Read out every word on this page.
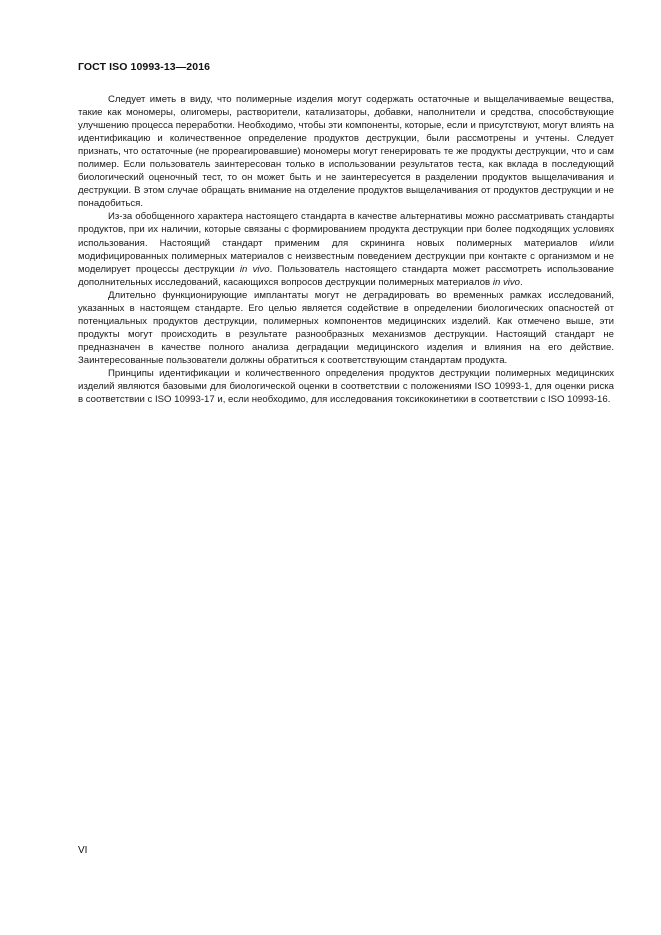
ГОСТ ISO 10993-13—2016

Следует иметь в виду, что полимерные изделия могут содержать остаточные и выщелачиваемые вещества, такие как мономеры, олигомеры, растворители, катализаторы, добавки, наполнители и средства, способствующие улучшению процесса переработки. Необходимо, чтобы эти компоненты, которые, если и присутствуют, могут влиять на идентификацию и количественное определение продуктов деструкции, были рассмотрены и учтены. Следует признать, что остаточные (не прореагировавшие) мономеры могут генерировать те же продукты деструкции, что и сам полимер. Если пользователь заинтересован только в использовании результатов теста, как вклада в последующий биологический оценочный тест, то он может быть и не заинтересуется в разделении продуктов выщелачивания и деструкции. В этом случае обращать внимание на отделение продуктов выщелачивания от продуктов деструкции и не понадобиться.

Из-за обобщенного характера настоящего стандарта в качестве альтернативы можно рассматривать стандарты продуктов, при их наличии, которые связаны с формированием продукта деструкции при более подходящих условиях использования. Настоящий стандарт применим для скрининга новых полимерных материалов и/или модифицированных полимерных материалов с неизвестным поведением деструкции при контакте с организмом и не моделирует процессы деструкции in vivo. Пользователь настоящего стандарта может рассмотреть использование дополнительных исследований, касающихся вопросов деструкции полимерных материалов in vivo.

Длительно функционирующие имплантаты могут не деградировать во временных рамках исследований, указанных в настоящем стандарте. Его целью является содействие в определении биологических опасностей от потенциальных продуктов деструкции, полимерных компонентов медицинских изделий. Как отмечено выше, эти продукты могут происходить в результате разнообразных механизмов деструкции. Настоящий стандарт не предназначен в качестве полного анализа деградации медицинского изделия и влияния на его действие. Заинтересованные пользователи должны обратиться к соответствующим стандартам продукта.

Принципы идентификации и количественного определения продуктов деструкции полимерных медицинских изделий являются базовыми для биологической оценки в соответствии с положениями ISO 10993-1, для оценки риска в соответствии с ISO 10993-17 и, если необходимо, для исследования токсикокинетики в соответствии с ISO 10993-16.

VI
